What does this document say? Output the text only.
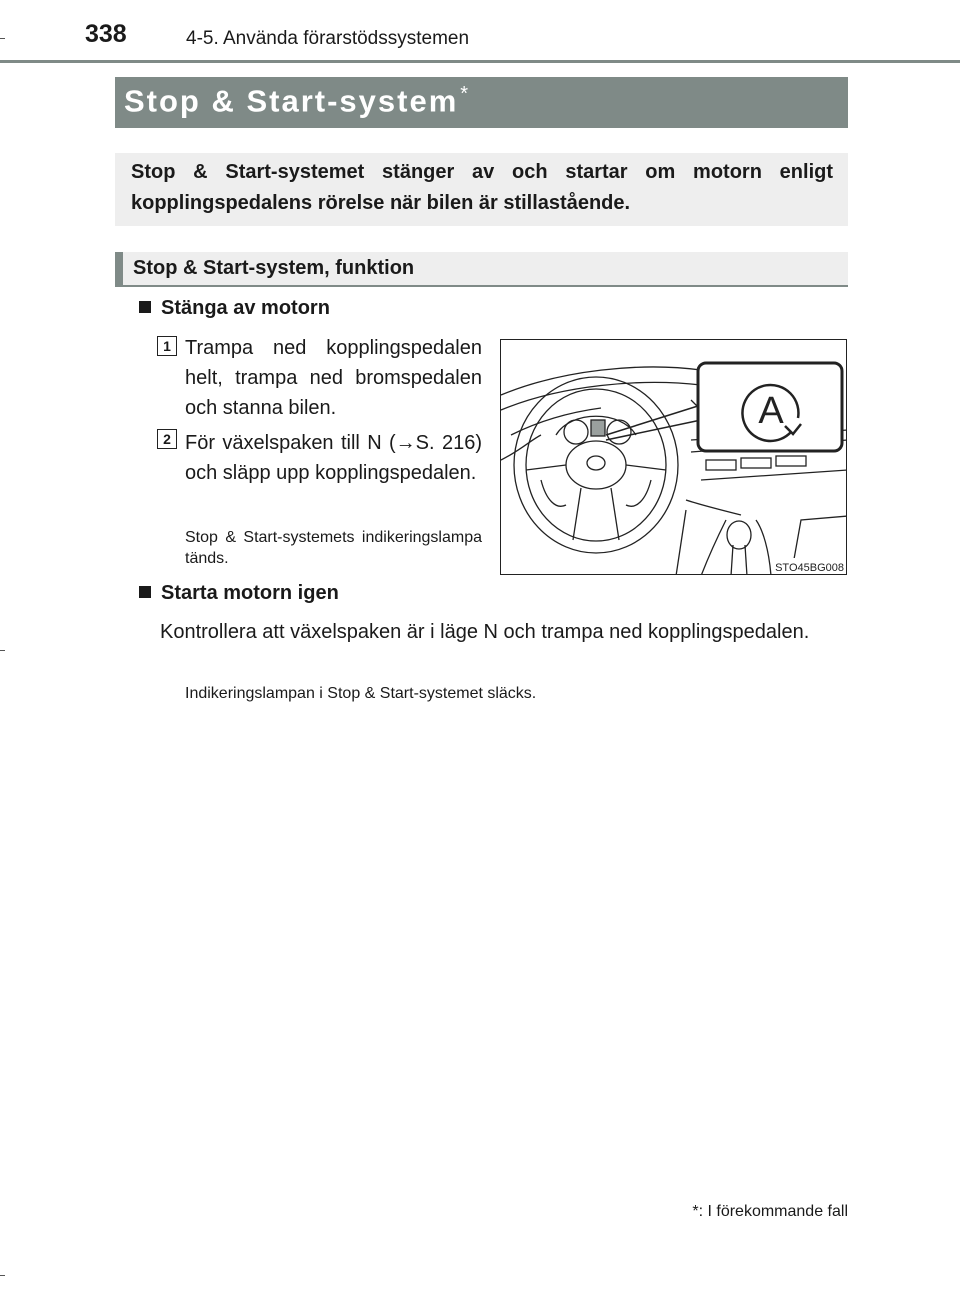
338	4-5. Använda förarstödssystemen
Stop & Start-system *
Stop & Start-systemet stänger av och startar om motorn enligt kopplingspedalens rörelse när bilen är stillastående.
Stop & Start-system, funktion
Stänga av motorn
1 Trampa ned kopplingspedalen helt, trampa ned bromspedalen och stanna bilen.
2 För växelspaken till N (→S. 216) och släpp upp kopplingspedalen.
Stop & Start-systemets indikeringslampa tänds.
A
STO45BG008
Starta motorn igen
Kontrollera att växelspaken är i läge N och trampa ned kopplingspedalen.
Indikeringslampan i Stop & Start-systemet släcks.
*: I förekommande fall
